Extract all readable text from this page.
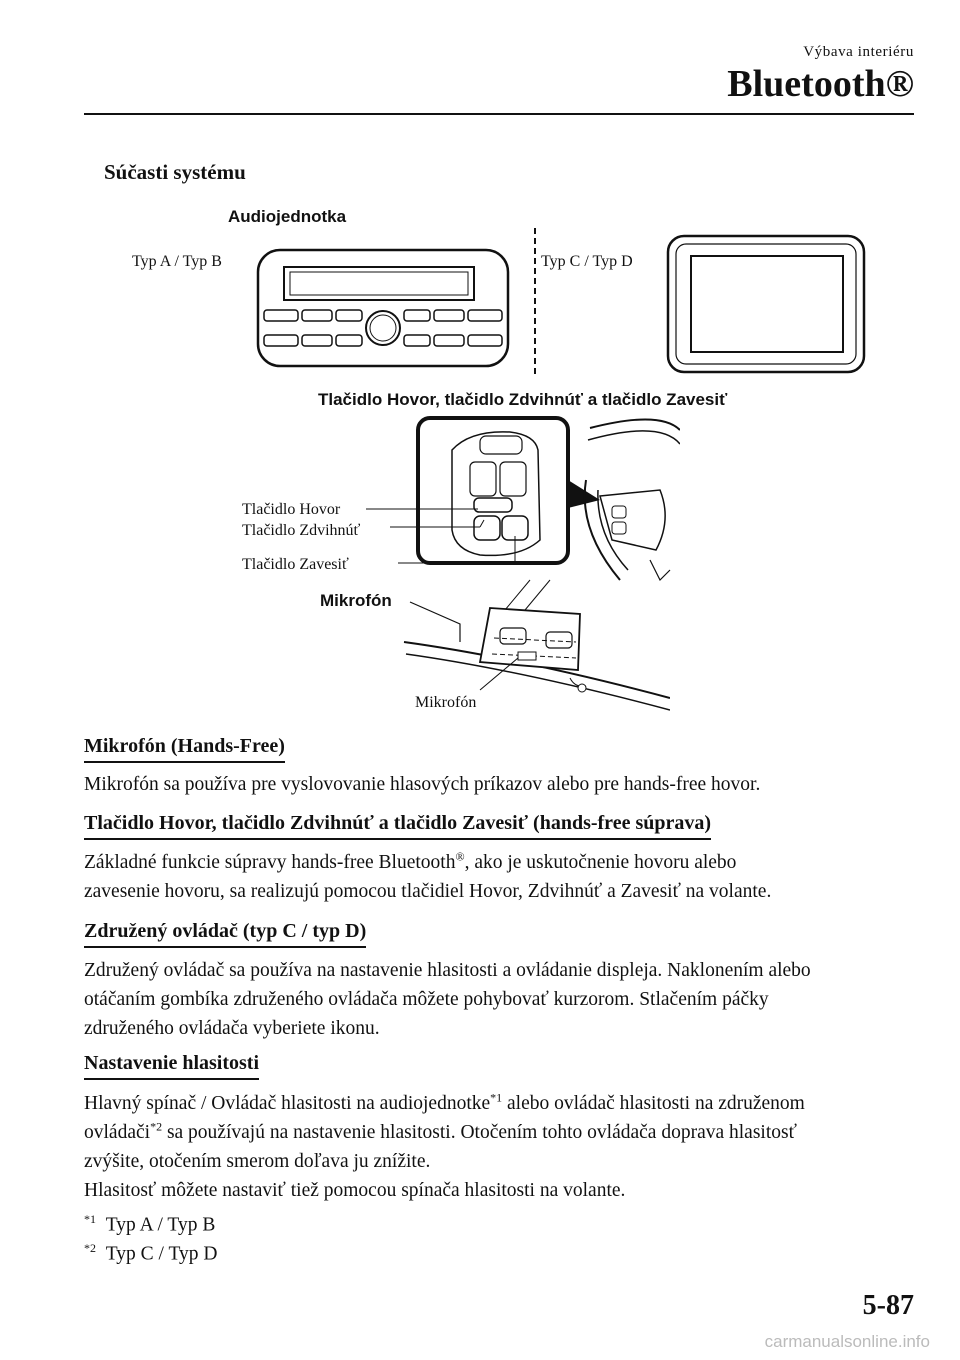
Výbava interiéru
Bluetooth®
Súčasti systému
Audiojednotka
Typ A / Typ B	Typ C / Typ D
Tlačidlo Hovor, tlačidlo Zdvihnúť a tlačidlo Zavesiť
Tlačidlo Hovor
Tlačidlo Zdvihnúť
Tlačidlo Zavesiť
Mikrofón
Mikrofón
Mikrofón (Hands-Free)
Mikrofón sa používa pre vyslovovanie hlasových príkazov alebo pre hands-free hovor.
Tlačidlo Hovor, tlačidlo Zdvihnúť a tlačidlo Zavesiť (hands-free súprava)
Základné funkcie súpravy hands-free Bluetooth®, ako je uskutočnenie hovoru alebo
zavesenie hovoru, sa realizujú pomocou tlačidiel Hovor, Zdvihnúť a Zavesiť na volante.
Združený ovládač (typ C / typ D)
Združený ovládač sa používa na nastavenie hlasitosti a ovládanie displeja. Naklonením alebo
otáčaním gombíka združeného ovládača môžete pohybovať kurzorom. Stlačením páčky
združeného ovládača vyberiete ikonu.
Nastavenie hlasitosti
Hlavný spínač / Ovládač hlasitosti na audiojednotke$^{*1}$ alebo ovládač hlasitosti na združenom
ovládači$^{*2}$ sa používajú na nastavenie hlasitosti. Otočením tohto ovládača doprava hlasitosť
zvýšite, otočením smerom doľava ju znížite.
Hlasitosť môžete nastaviť tiež pomocou spínača hlasitosti na volante.
$^{*1}$ Typ A / Typ B
$^{*2}$ Typ C / Typ D
5-87
carmanualsonline.info
